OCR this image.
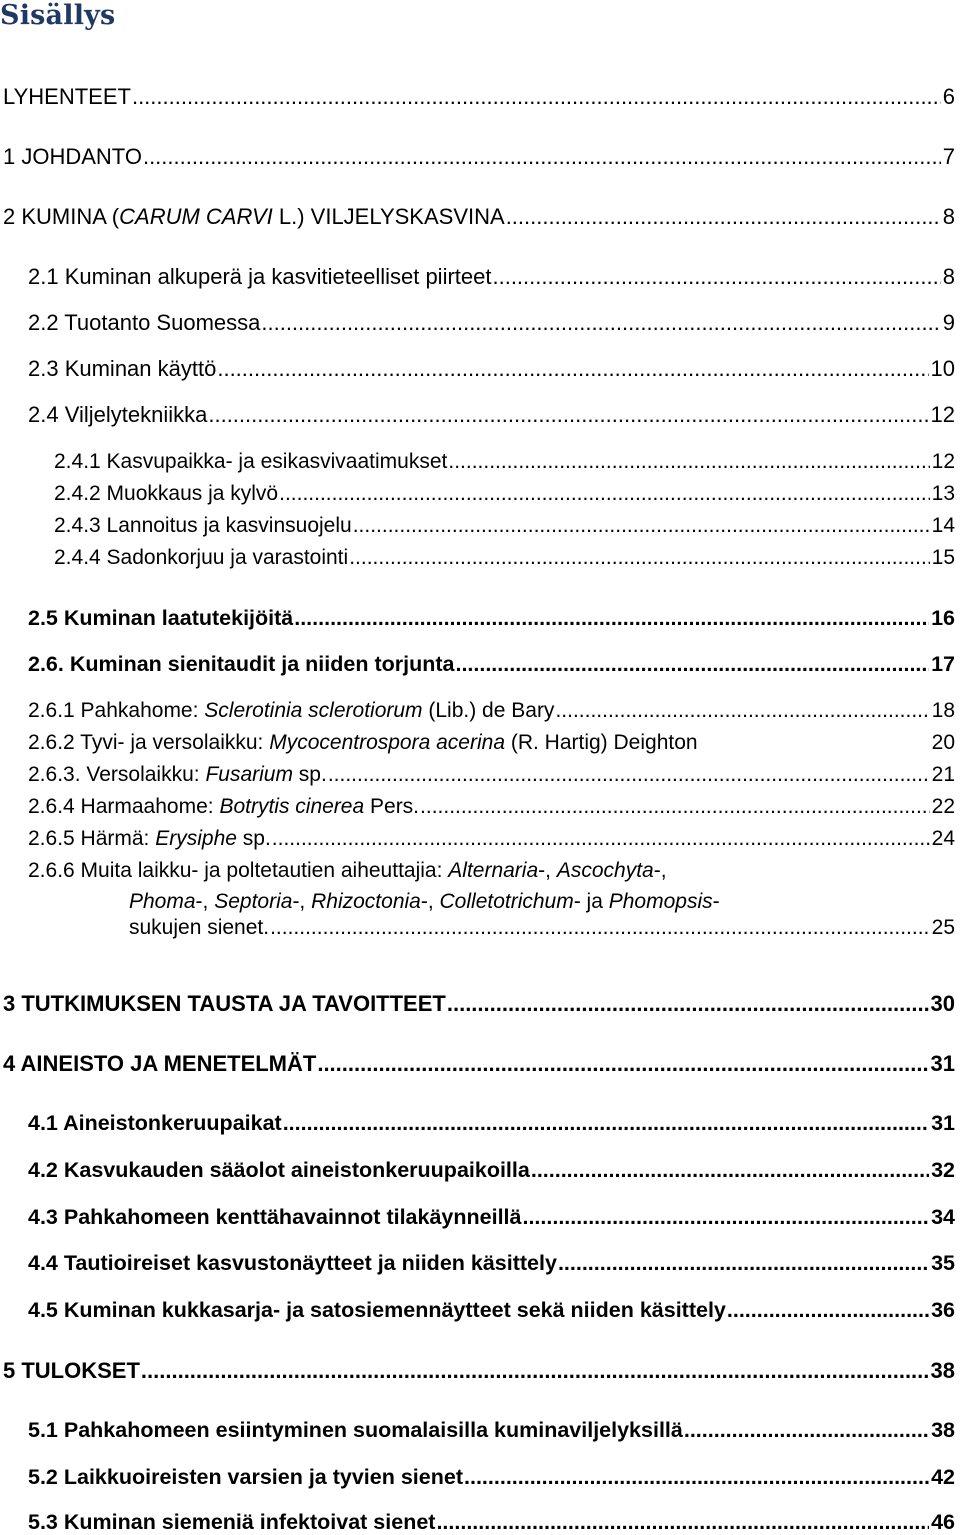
Sisällys
LYHENTEET .....	6
1 JOHDANTO .....	7
2 KUMINA (CARUM CARVI L.) VILJELYSKASVINA .....	8
2.1 Kuminan alkuperä ja kasvitieteelliset piirteet .....	8
2.2 Tuotanto Suomessa .....	9
2.3 Kuminan käyttö .....	10
2.4 Viljelytekniikka .....	12
2.4.1 Kasvupaikka- ja esikasvivaatimukset .....	12
2.4.2 Muokkaus ja kylvö .....	13
2.4.3 Lannoitus ja kasvinsuojelu .....	14
2.4.4 Sadonkorjuu ja varastointi .....	15
2.5 Kuminan laatutekijöitä .....	16
2.6. Kuminan sienitaudit ja niiden torjunta .....	17
2.6.1 Pahkahome: Sclerotinia sclerotiorum (Lib.) de Bary .....	18
2.6.2 Tyvi- ja versolaikku: Mycocentrospora acerina (R. Hartig) Deighton	20
2.6.3. Versolaikku: Fusarium sp. .....	21
2.6.4 Harmaahome: Botrytis cinerea Pers. .....	22
2.6.5 Härmä: Erysiphe sp. .....	24
2.6.6 Muita laikku- ja poltetautien aiheuttajia: Alternaria-, Ascochyta-,
Phoma-, Septoria-, Rhizoctonia-, Colletotrichum- ja Phomopsis-
sukujen sienet. .....	25
3 TUTKIMUKSEN TAUSTA JA TAVOITTEET .....	30
4 AINEISTO JA MENETELMÄT .....	31
4.1 Aineistonkeruupaikat .....	31
4.2 Kasvukauden sääolot aineistonkeruupaikoilla .....	32
4.3 Pahkahomeen kenttähavainnot tilakäynneillä .....	34
4.4 Tautioireiset kasvustonäytteet ja niiden käsittely .....	35
4.5 Kuminan kukkasarja- ja satosiemennäytteet sekä niiden käsittely .....	36
5 TULOKSET .....	38
5.1 Pahkahomeen esiintyminen suomalaisilla kuminaviljelyksillä .....	38
5.2 Laikkuoireisten varsien ja tyvien sienet .....	42
5.3 Kuminan siemeniä infektoivat sienet .....	46
